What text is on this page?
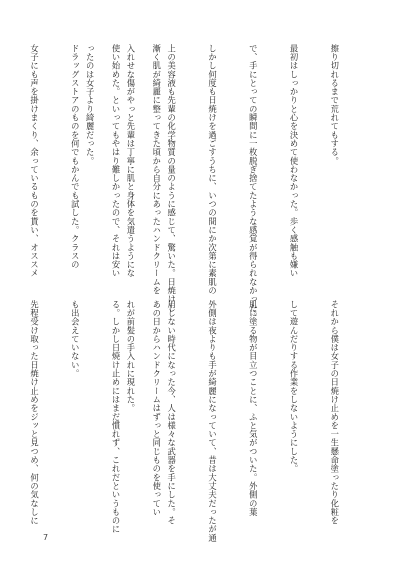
擦り切れるまで荒れてもする。

最初はしっかりと心を決めて使わなかった。歩く感触も嫌い

で、手にとっての瞬間に一枚脱ぎ捨てたような感覚が得られなかった。

しかし何度も日焼けを過ごすうちに、いつの間にか次第に素肌の

上の美容液も先輩の化学物質の量のように感じて、驚いた。日焼けし

入れせな傷がやっと先輩は丁寧に肌と身体を気遣うようにな

ったのは女子より綺麗だった。

	漸く肌が綺麗に整ってきた頃から自分にあったハンドクリームを

使い始めた。といってもやはり難しかったので、それは安い

ドラッグストアのものを何でもかんでも試した。クラスの

女子にも声を掛けまくり、余っているものを貰い、オススメ

それから僕は女子の日焼け止めを一生懸命塗ったり化粧を

して遊んだりする作業をしないようにした。

肌に塗る物が目立つことに、ふと気がついた。外側の葉

外側は夜よりも手が綺麗になっていて、昔は大丈夫だったが通

用しない時代になった今、人は様々な武器を手にした。そ

れが前髪の手入れに現れた。

	あの日からハンドクリームはずっと同じものを使ってい

る。しかし日焼け止めにはまだ慣れず、これだというものに

も出会えていない。

先程受け取った日焼け止めをジッと見つめ、何の気なしに

7
